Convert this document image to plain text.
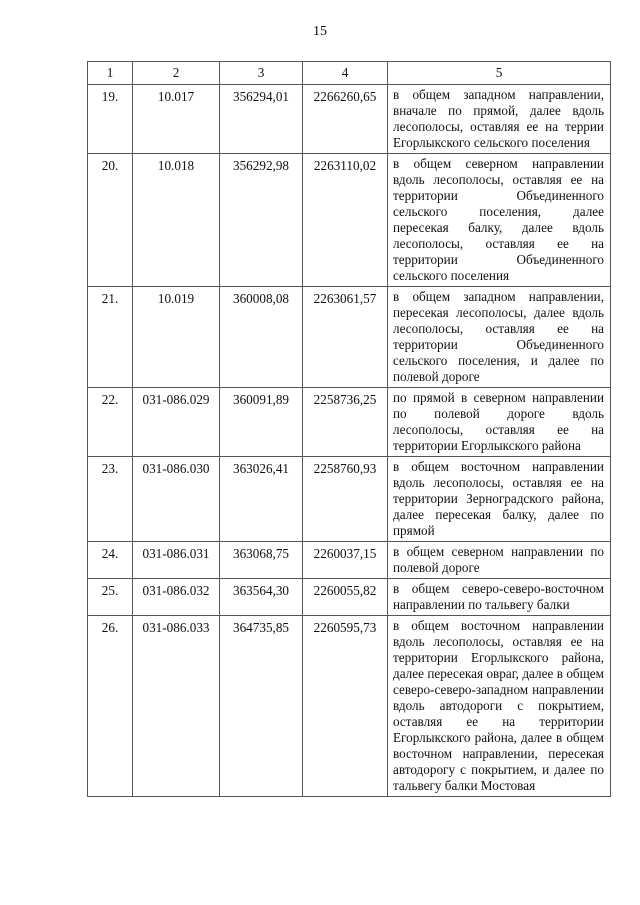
15
1	2	3	4	5
19.	10.017	356294,01	2266260,65	в общем западном направлении, вначале по прямой, далее вдоль лесополосы, оставляя ее на террии Егорлыкского сельского поселения
20.	10.018	356292,98	2263110,02	в общем северном направлении вдоль лесополосы, оставляя ее на территории Объединенного сельского поселения, далее пересекая балку, далее вдоль лесополосы, оставляя ее на территории Объединенного сельского поселения
21.	10.019	360008,08	2263061,57	в общем западном направлении, пересекая лесополосы, далее вдоль лесополосы, оставляя ее на территории Объединенного сельского поселения, и далее по полевой дороге
22.	031-086.029	360091,89	2258736,25	по прямой в северном направлении по полевой дороге вдоль лесополосы, оставляя ее на территории Егорлыкского района
23.	031-086.030	363026,41	2258760,93	в общем восточном направлении вдоль лесополосы, оставляя ее на территории Зерноградского района, далее пересекая балку, далее по прямой
24.	031-086.031	363068,75	2260037,15	в общем северном направлении по полевой дороге
25.	031-086.032	363564,30	2260055,82	в общем северо-северо-восточном направлении по тальвегу балки
26.	031-086.033	364735,85	2260595,73	в общем восточном направлении вдоль лесополосы, оставляя ее на территории Егорлыкского района, далее пересекая овраг, далее в общем северо-северо-западном направлении вдоль автодороги с покрытием, оставляя ее на территории Егорлыкского района, далее в общем восточном направлении, пересекая автодорогу с покрытием, и далее по тальвегу балки Мостовая
